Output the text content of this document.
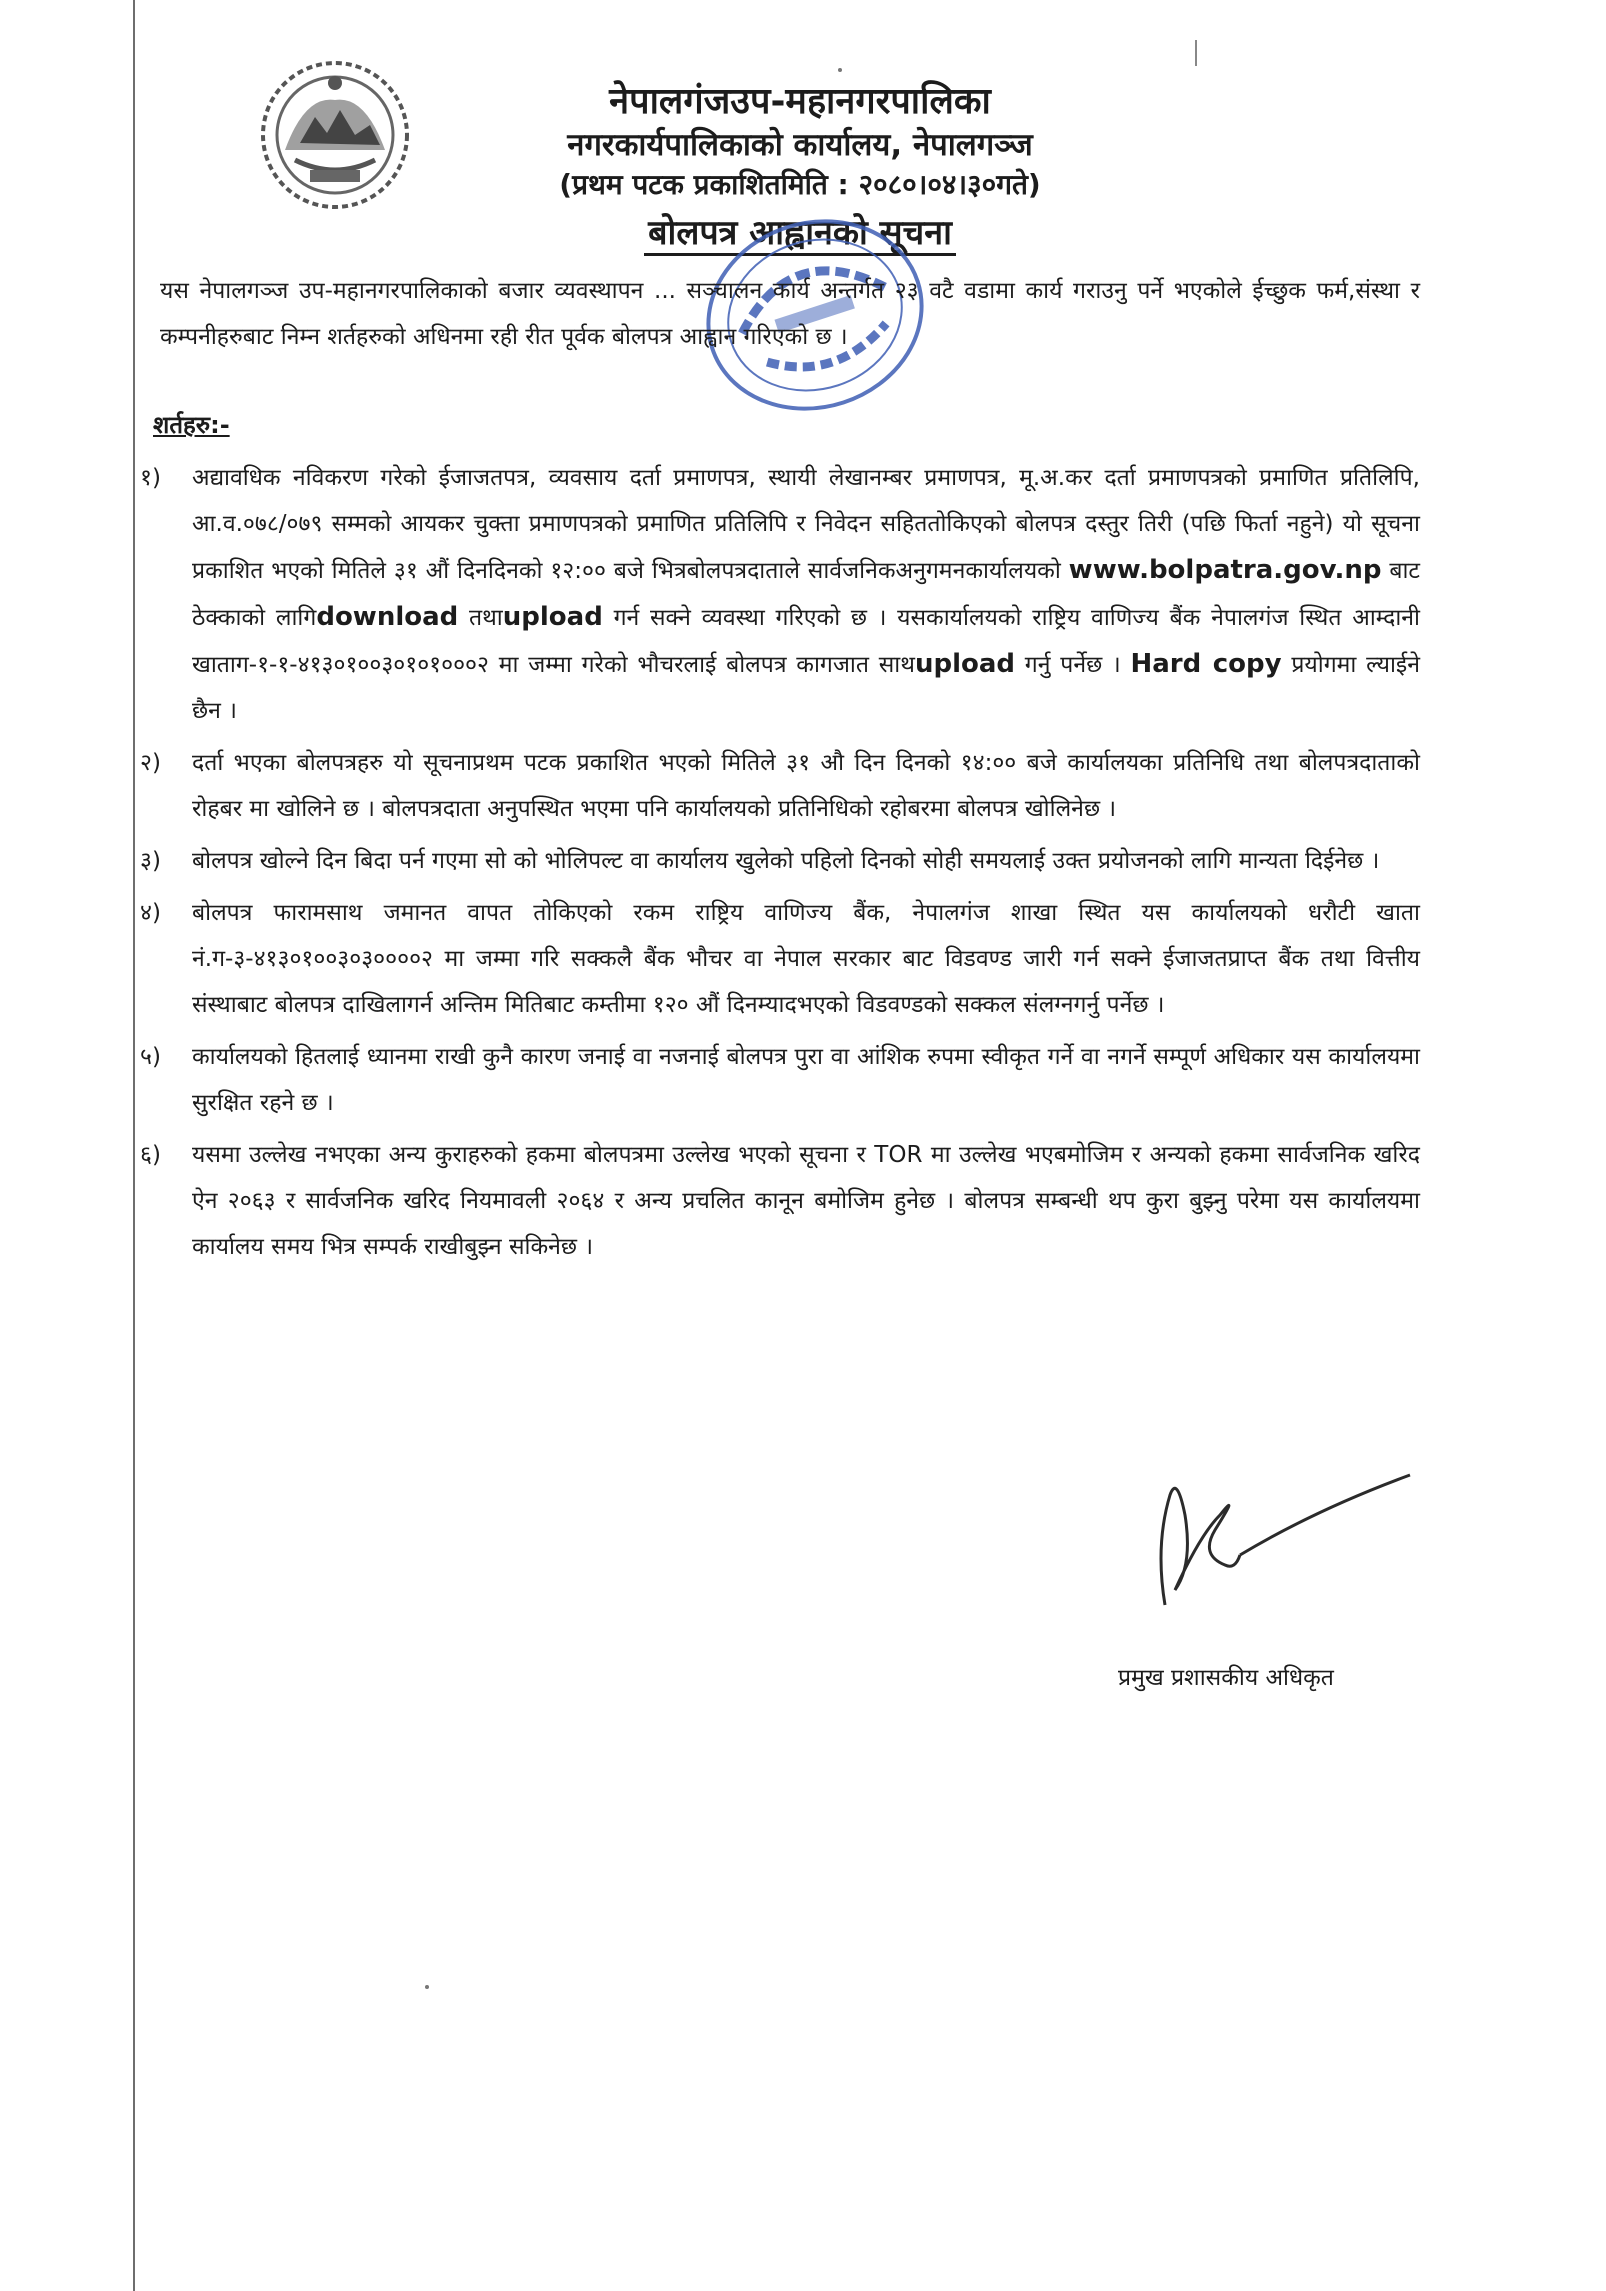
नेपालगंजउप-महानगरपालिका
नगरकार्यपालिकाको कार्यालय, नेपालगञ्ज
(प्रथम पटक प्रकाशितमिति : २०८०।०४।३०गते)
बोलपत्र आह्वानको सूचना
यस नेपालगञ्ज उप-महानगरपालिकाको बजार व्यवस्थापन ... सञ्चालन कार्य अन्तर्गत २३ वटै वडामा कार्य गराउनु पर्ने भएकोले ईच्छुक फर्म,संस्था र कम्पनीहरुबाट निम्न शर्तहरुको अधिनमा रही रीत पूर्वक बोलपत्र आह्वान गरिएको छ ।
शर्तहरु:-
१)	अद्यावधिक नविकरण गरेको ईजाजतपत्र, व्यवसाय दर्ता प्रमाणपत्र, स्थायी लेखानम्बर प्रमाणपत्र, मू.अ.कर दर्ता प्रमाणपत्रको प्रमाणित प्रतिलिपि, आ.व.०७८/०७९ सम्मको आयकर चुक्ता प्रमाणपत्रको प्रमाणित प्रतिलिपि र निवेदन सहिततोकिएको बोलपत्र दस्तुर तिरी (पछि फिर्ता नहुने) यो सूचना प्रकाशित भएको मितिले ३१ औं दिनदिनको १२:०० बजे भित्रबोलपत्रदाताले सार्वजनिकअनुगमनकार्यालयको www.bolpatra.gov.np बाट ठेक्काको लागिdownload तथाupload गर्न सक्ने व्यवस्था गरिएको छ । यसकार्यालयको राष्ट्रिय वाणिज्य बैंक नेपालगंज स्थित आम्दानी खाताग-१-१-४१३०१००३०१०१०००२ मा जम्मा गरेको भौचरलाई बोलपत्र कागजात साथupload गर्नु पर्नेछ । Hard copy प्रयोगमा ल्याईने छैन ।
२)	दर्ता भएका बोलपत्रहरु यो सूचनाप्रथम पटक प्रकाशित भएको मितिले ३१ औ दिन दिनको १४:०० बजे कार्यालयका प्रतिनिधि तथा बोलपत्रदाताको रोहबर मा खोलिने छ । बोलपत्रदाता अनुपस्थित भएमा पनि कार्यालयको प्रतिनिधिको रहोबरमा बोलपत्र खोलिनेछ ।
३)	बोलपत्र खोल्ने दिन बिदा पर्न गएमा सो को भोलिपल्ट वा कार्यालय खुलेको पहिलो दिनको सोही समयलाई उक्त प्रयोजनको लागि मान्यता दिईनेछ ।
४)	बोलपत्र फारामसाथ जमानत वापत तोकिएको रकम राष्ट्रिय वाणिज्य बैंक, नेपालगंज शाखा स्थित यस कार्यालयको धरौटी खाता नं.ग-३-४१३०१००३०३००००२ मा जम्मा गरि सक्कलै बैंक भौचर वा नेपाल सरकार बाट विडवण्ड जारी गर्न सक्ने ईजाजतप्राप्त बैंक तथा वित्तीय संस्थाबाट बोलपत्र दाखिलागर्न अन्तिम मितिबाट कम्तीमा १२० औं दिनम्यादभएको विडवण्डको सक्कल संलग्नगर्नु पर्नेछ ।
५)	कार्यालयको हितलाई ध्यानमा राखी कुनै कारण जनाई वा नजनाई बोलपत्र पुरा वा आंशिक रुपमा स्वीकृत गर्ने वा नगर्ने सम्पूर्ण अधिकार यस कार्यालयमा सुरक्षित रहने छ ।
६)	यसमा उल्लेख नभएका अन्य कुराहरुको हकमा बोलपत्रमा उल्लेख भएको सूचना र TOR मा उल्लेख भएबमोजिम र अन्यको हकमा सार्वजनिक खरिद ऐन २०६३ र सार्वजनिक खरिद नियमावली २०६४ र अन्य प्रचलित कानून बमोजिम हुनेछ । बोलपत्र सम्बन्धी थप कुरा बुझ्नु परेमा यस कार्यालयमा कार्यालय समय भित्र सम्पर्क राखीबुझ्न सकिनेछ ।
प्रमुख प्रशासकीय अधिकृत
